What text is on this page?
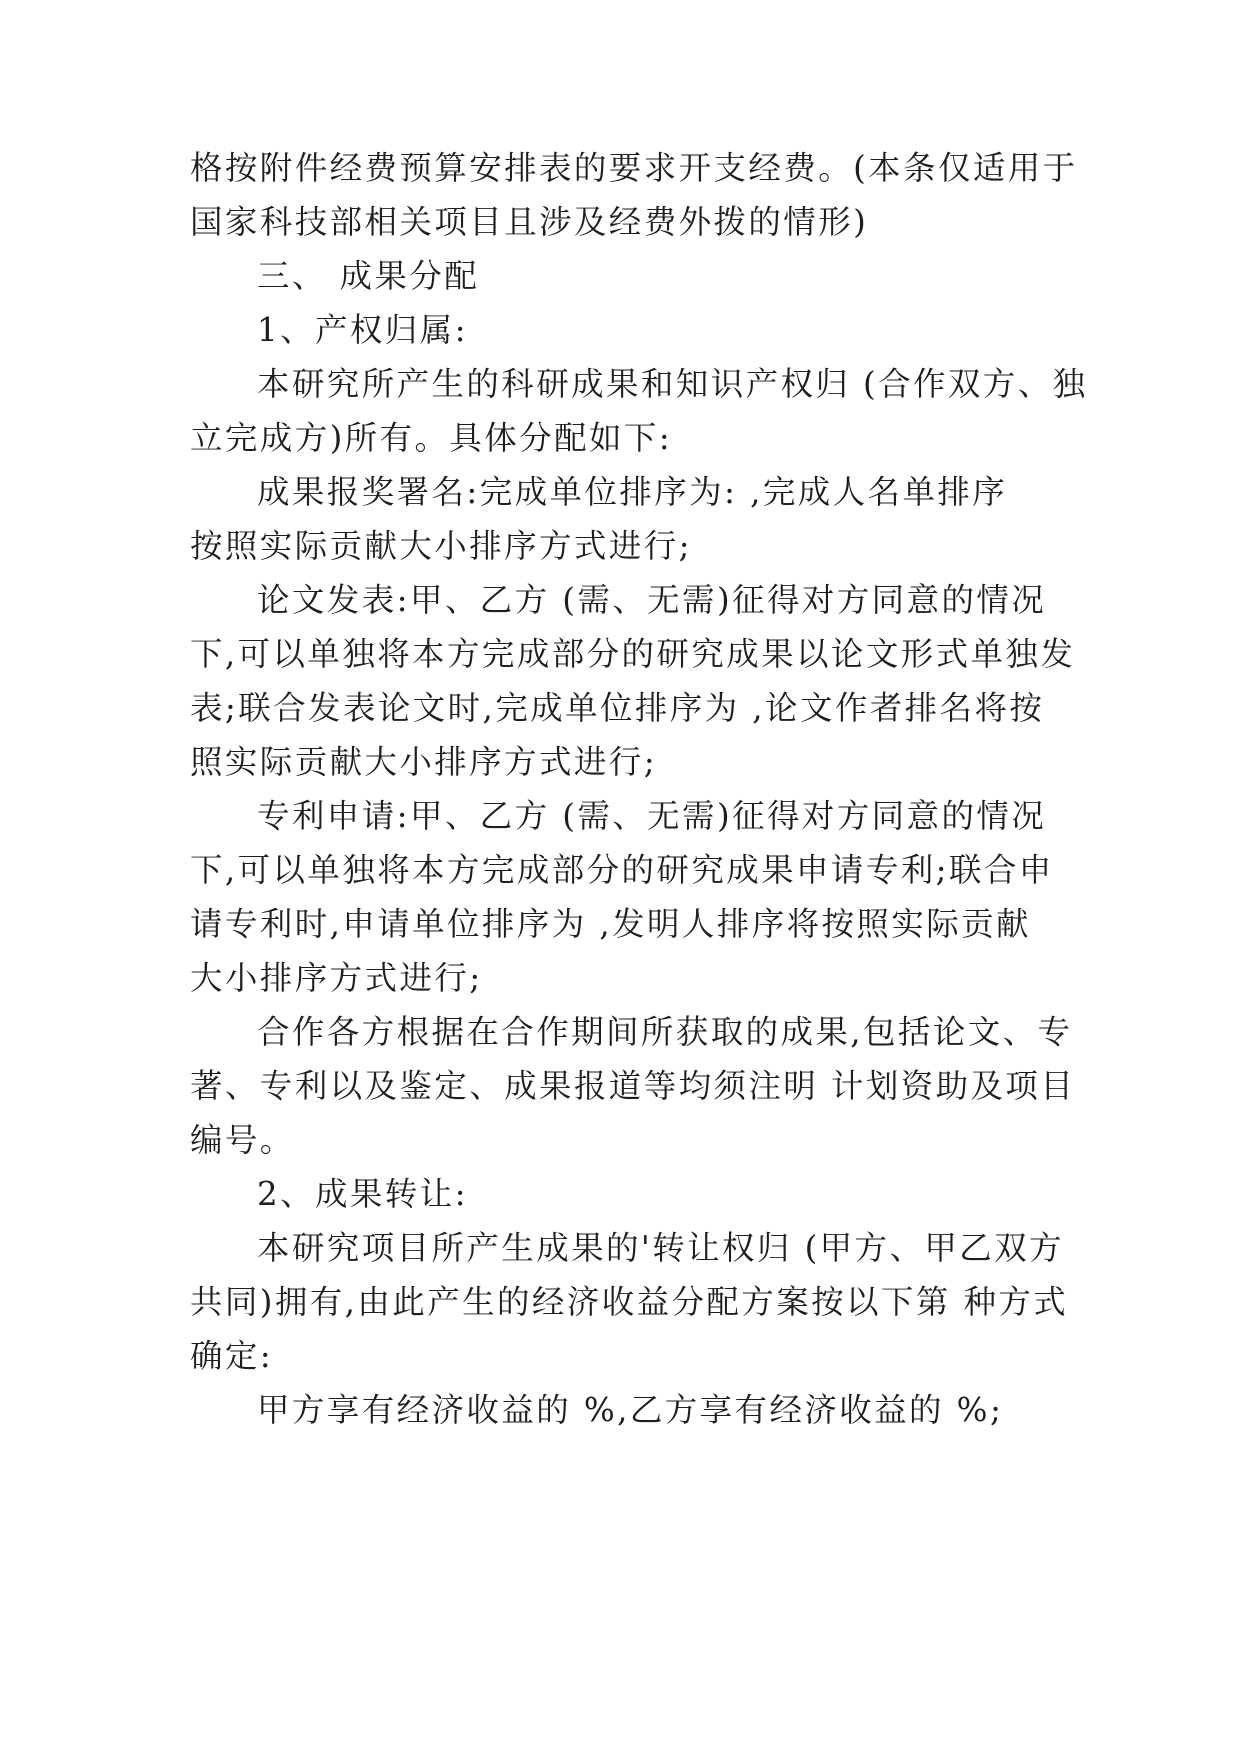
格按附件经费预算安排表的要求开支经费。(本条仅适用于
国家科技部相关项目且涉及经费外拨的情形)
三、 成果分配
1、产权归属:
本研究所产生的科研成果和知识产权归 (合作双方、独
立完成方)所有。具体分配如下:
成果报奖署名:完成单位排序为: ,完成人名单排序
按照实际贡献大小排序方式进行;
论文发表:甲、乙方 (需、无需)征得对方同意的情况
下,可以单独将本方完成部分的研究成果以论文形式单独发
表;联合发表论文时,完成单位排序为 ,论文作者排名将按
照实际贡献大小排序方式进行;
专利申请:甲、乙方 (需、无需)征得对方同意的情况
下,可以单独将本方完成部分的研究成果申请专利;联合申
请专利时,申请单位排序为 ,发明人排序将按照实际贡献
大小排序方式进行;
合作各方根据在合作期间所获取的成果,包括论文、专
著、专利以及鉴定、成果报道等均须注明 计划资助及项目
编号。
2、成果转让:
本研究项目所产生成果的'转让权归 (甲方、甲乙双方
共同)拥有,由此产生的经济收益分配方案按以下第 种方式
确定:
甲方享有经济收益的 %,乙方享有经济收益的 %;
